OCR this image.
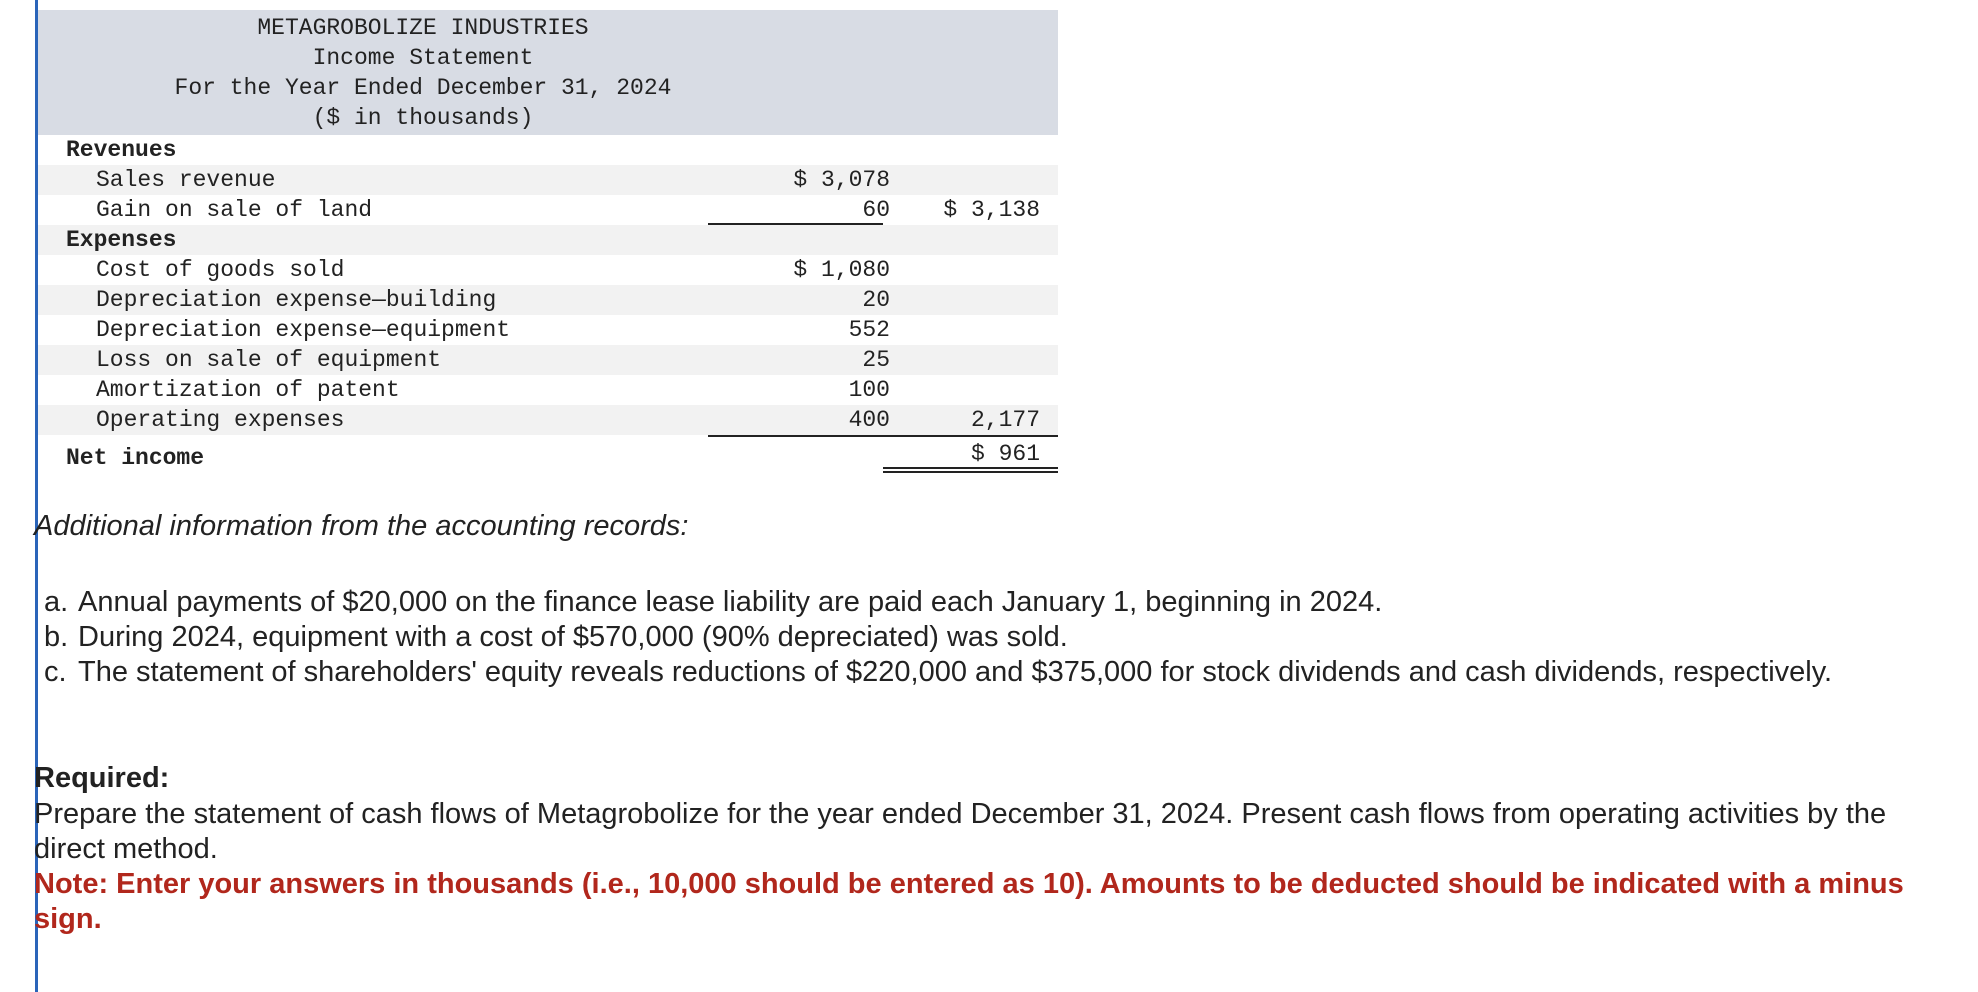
METAGROBOLIZE INDUSTRIES
Income Statement
For the Year Ended December 31, 2024
($ in thousands)
Revenues
Sales revenue	$ 3,078
Gain on sale of land	60	$ 3,138
Expenses
Cost of goods sold	$ 1,080
Depreciation expense—building	20
Depreciation expense—equipment	552
Loss on sale of equipment	25
Amortization of patent	100
Operating expenses	400	2,177
Net income	$ 961
Additional information from the accounting records:
a. Annual payments of $20,000 on the finance lease liability are paid each January 1, beginning in 2024.
b. During 2024, equipment with a cost of $570,000 (90% depreciated) was sold.
c. The statement of shareholders' equity reveals reductions of $220,000 and $375,000 for stock dividends and cash dividends, respectively.
Required:
Prepare the statement of cash flows of Metagrobolize for the year ended December 31, 2024. Present cash flows from operating activities by the direct method.
Note: Enter your answers in thousands (i.e., 10,000 should be entered as 10). Amounts to be deducted should be indicated with a minus sign.
